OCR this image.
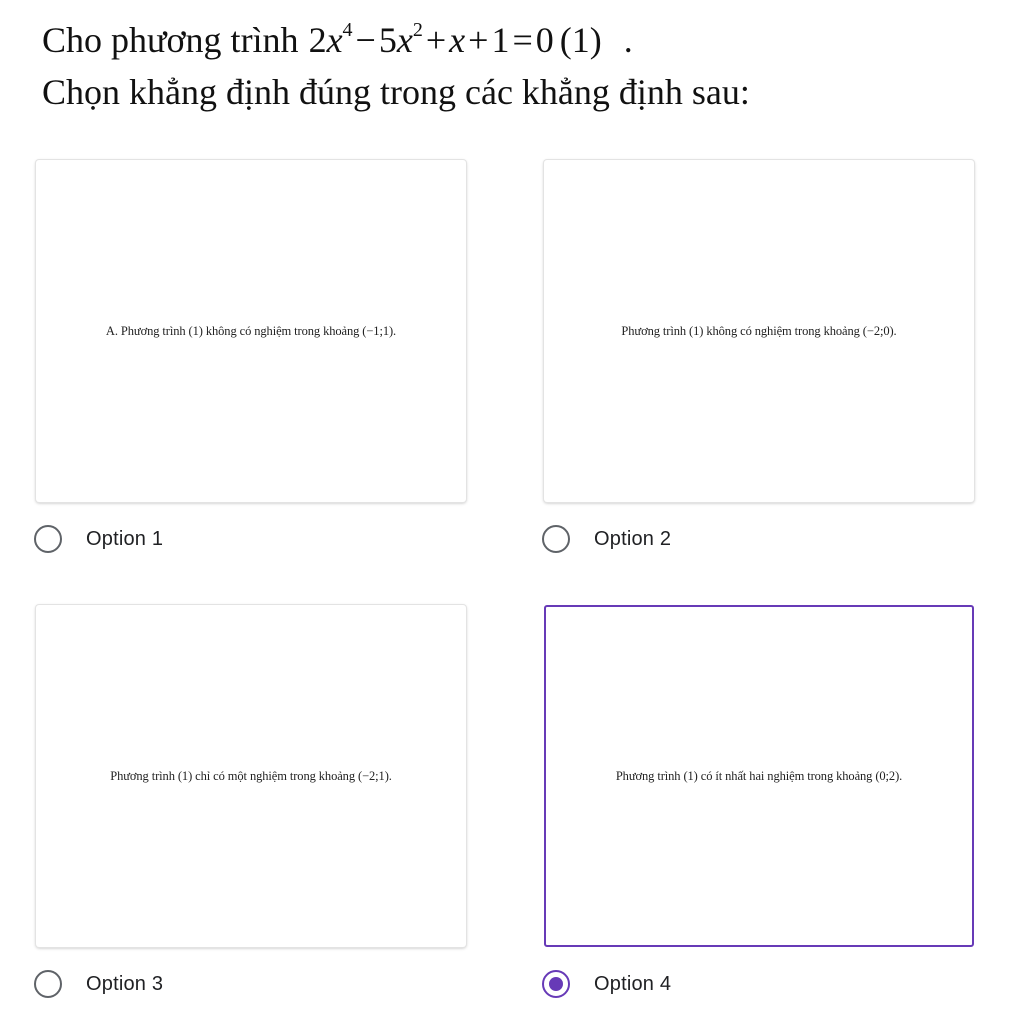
Cho phương trình $2x^4-5x^2+x+1=0$ (1) .
Chọn khẳng định đúng trong các khẳng định sau:
A. Phương trình (1) không có nghiệm trong khoảng (−1;1).
Option 1
Phương trình (1) không có nghiệm trong khoảng (−2;0).
Option 2
Phương trình (1) chỉ có một nghiệm trong khoảng (−2;1).
Option 3
Phương trình (1) có ít nhất hai nghiệm trong khoảng (0;2).
Option 4
